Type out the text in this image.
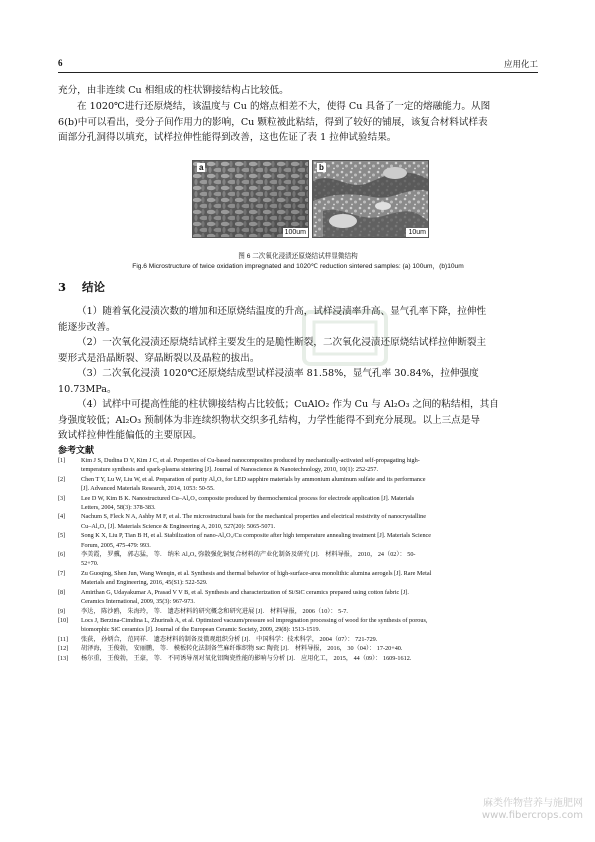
6	应用化工
充分，由非连续 Cu 相组成的柱状铆接结构占比较低。
在 1020℃进行还原烧结，该温度与 Cu 的熔点相差不大，使得 Cu 具备了一定的熔融能力。从图
6(b)中可以看出，受分子间作用力的影响，Cu 颗粒被此粘结，得到了较好的铺展，该复合材料试样表
面部分孔洞得以填充，试样拉伸性能得到改善，这也佐证了表 1 拉伸试验结果。
a
100um
b
10um
图 6 二次氧化浸渍还原烧结试样显微结构
Fig.6 Microstructure of twice oxidation impregnated and 1020℃ reduction sintered samples: (a) 100um，(b)10um
3 结论
（1）随着氧化浸渍次数的增加和还原烧结温度的升高，试样浸渍率升高、显气孔率下降，拉伸性
能逐步改善。
（2）一次氧化浸渍还原烧结试样主要发生的是脆性断裂，二次氧化浸渍还原烧结试样拉伸断裂主
要形式是沿晶断裂、穿晶断裂以及晶粒的拔出。
（3）二次氧化浸渍 1020℃还原烧结成型试样浸渍率 81.58%，显气孔率 30.84%，拉伸强度
10.73MPa。
（4）试样中可提高性能的柱状铆接结构占比较低；CuAlO₂ 作为 Cu 与 Al₂O₃ 之间的粘结相，其自
身强度较低；Al₂O₃ 预制体为非连续织物状交织多孔结构，力学性能得不到充分展现。以上三点是导
致试样拉伸性能偏低的主要原因。
参考文献
[1]	Kim J S, Dudina D V, Kim J C, et al. Properties of Cu-based nanocomposites produced by mechanically-activated self-propagating high-
temperature synthesis and spark-plasma sintering [J]. Journal of Nanoscience & Nanotechnology, 2010, 10(1): 252-257.
[2]	Chen T Y, Lu W, Liu W, et al. Preparation of purity Al₂O₃ for LED sapphire materials by ammonium aluminum sulfate and its performance
[J]. Advanced Materials Research, 2014, 1053: 50-55.
[3]	Lee D W, Kim B K. Nanostructured Cu–Al₂O₃ composite produced by thermochemical process for electrode application [J]. Materials
Letters, 2004, 58(3): 378-383.
[4]	Nachum S, Fleck N A, Ashby M F, et al. The microstructural basis for the mechanical properties and electrical resistivity of nanocrystalline
Cu–Al₂O₃ [J]. Materials Science & Engineering A, 2010, 527(20): 5065-5071.
[5]	Song K X, Liu P, Tian B H, et al. Stabilization of nano-Al₂O₃/Cu composite after high temperature annealing treatment [J]. Materials Science
Forum, 2005, 475-479: 993.
[6]	李美霞， 罗骥， 郭志猛， 等． 纳米 Al₂O₃ 弥散强化铜复合材料的产业化制备及研究 [J]． 材料导报， 2010， 24（02）： 50-
52+70.
[7]	Zu Guoqing, Shen Jun, Wang Wenqin, et al. Synthesis and thermal behavior of high-surface-area monolithic alumina aerogels [J]. Rare Metal
Materials and Engineering, 2016, 45(S1): 522-529.
[8]	Amirthan G, Udayakumar A, Prasad V V B, et al. Synthesis and characterization of Si/SiC ceramics prepared using cotton fabric [J].
Ceramics International, 2009, 35(3): 967-973.
[9]	李达， 陈沙鸥， 朱海玲， 等． 遗态材料的研究概念和研究进展 [J]． 材料导报， 2006（10）： 5-7.
[10] Locs J, Berzina-Cimdina L, Zhurinsh A, et al. Optimized vacuum/pressure sol impregnation processing of wood for the synthesis of porous,
biomorphic SiC ceramics [J]. Journal of the European Ceramic Society, 2009, 29(8): 1513-1519.
[11] 张荻， 孙炳合， 范同祥． 遗态材料的制备及微观组织分析 [J]． 中国科学：技术科学， 2004（07）： 721-729.
[12] 胡泽海， 王俊勃， 安丽鹏， 等． 模板转化法制备竺麻纤维织物 SiC 陶瓷 [J]． 材料导报， 2016， 30（04）： 17-20+40.
[13] 杨尔重， 王俊勃， 王豪， 等． 不同诱导剂对氧化铝陶瓷性能的影响与分析 [J]． 应用化工， 2015， 44（09）： 1609-1612.
麻类作物营养与施肥网
www.fibercrops.com
